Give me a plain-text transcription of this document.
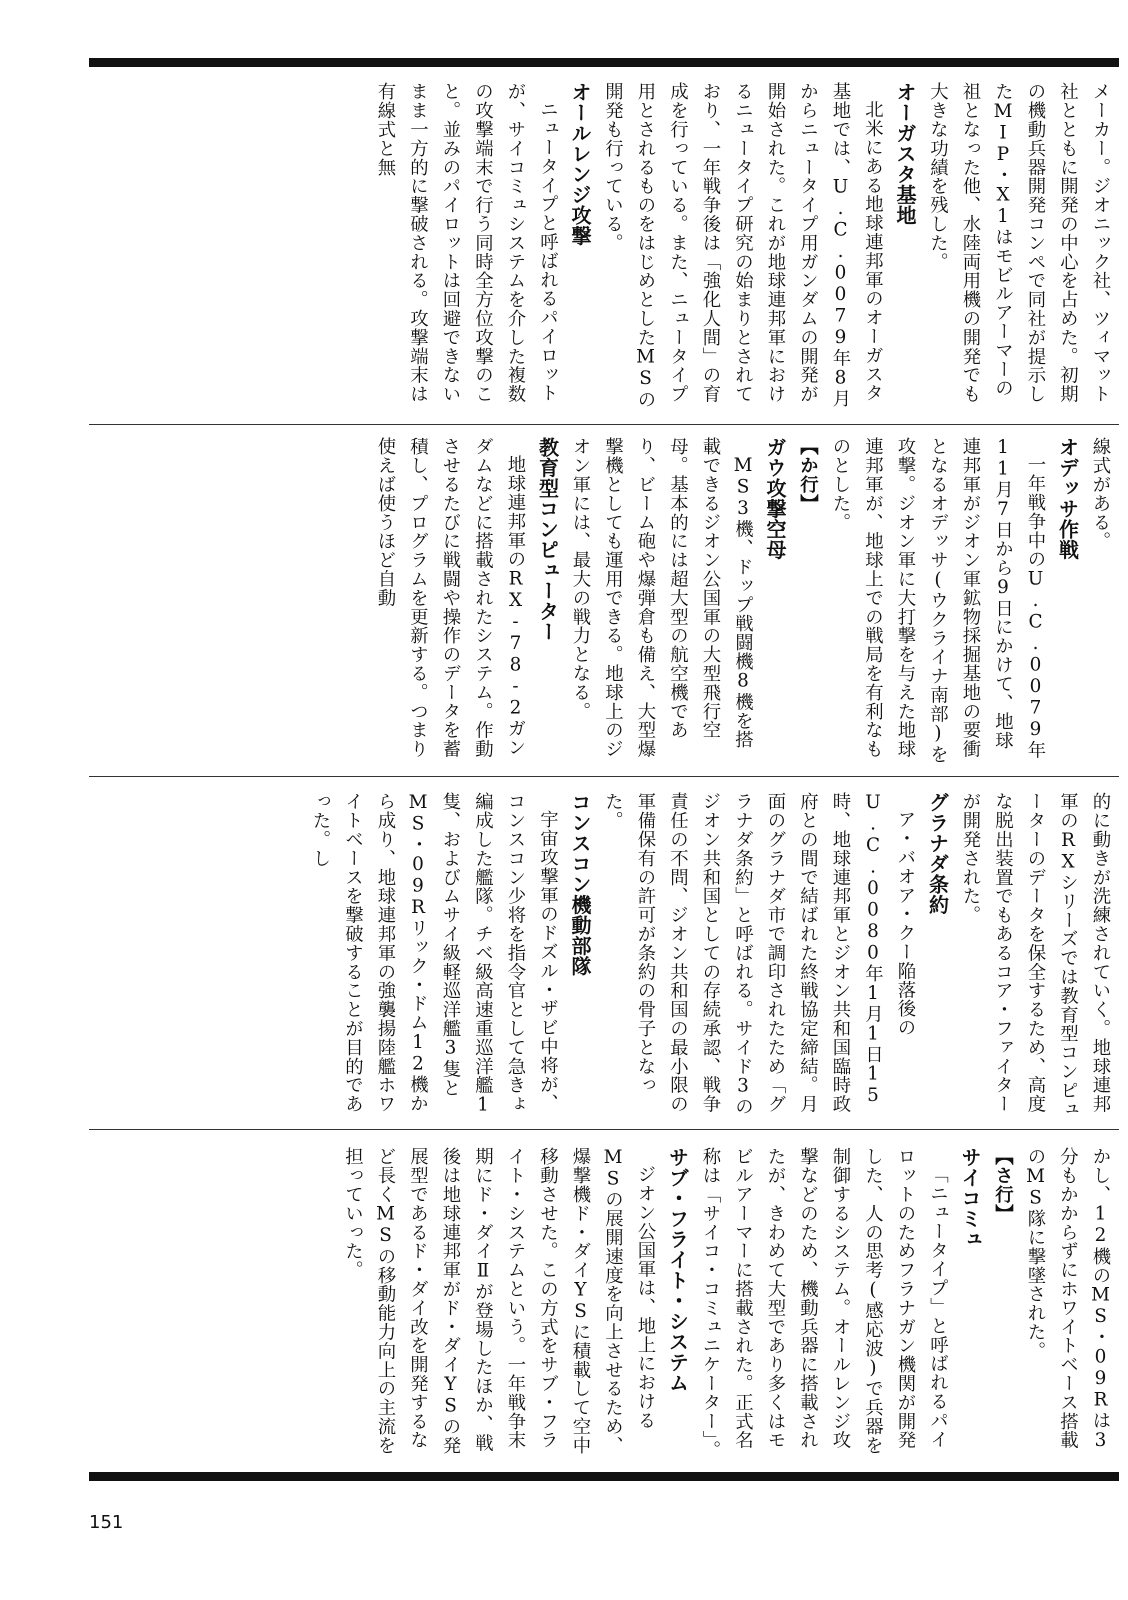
メーカー。ジオニック社、ツィマット社とともに開発の中心を占めた。初期の機動兵器開発コンペで同社が提示したMIP・X1はモビルアーマーの祖となった他、水陸両用機の開発でも大きな功績を残した。

オーガスタ基地

北米にある地球連邦軍のオーガスタ基地では、U.C.0079年8月からニュータイプ用ガンダムの開発が開始された。これが地球連邦軍におけるニュータイプ研究の始まりとされており、一年戦争後は「強化人間」の育成を行っている。また、ニュータイプ用とされるものをはじめとしたMSの開発も行っている。

オールレンジ攻撃

ニュータイプと呼ばれるパイロットが、サイコミュシステムを介した複数の攻撃端末で行う同時全方位攻撃のこと。並みのパイロットは回避できないまま一方的に撃破される。攻撃端末は有線式と無

線式がある。

オデッサ作戦

一年戦争中のU.C.0079年11月7日から9日にかけて、地球連邦軍がジオン軍鉱物採掘基地の要衝となるオデッサ(ウクライナ南部)を攻撃。ジオン軍に大打撃を与えた地球連邦軍が、地球上での戦局を有利なものとした。

【か行】
ガウ攻撃空母

MS3機、ドップ戦闘機8機を搭載できるジオン公国軍の大型飛行空母。基本的には超大型の航空機であり、ビーム砲や爆弾倉も備え、大型爆撃機としても運用できる。地球上のジオン軍には、最大の戦力となる。

教育型コンピューター

地球連邦軍のRX-78-2ガンダムなどに搭載されたシステム。作動させるたびに戦闘や操作のデータを蓄積し、プログラムを更新する。つまり使えば使うほど自動

的に動きが洗練されていく。地球連邦軍のRXシリーズでは教育型コンピューターのデータを保全するため、高度な脱出装置でもあるコア・ファイターが開発された。

グラナダ条約

ア・バオア・クー陥落後のU.C.0080年1月1日15時、地球連邦軍とジオン共和国臨時政府との間で結ばれた終戦協定締結。月面のグラナダ市で調印されたため「グラナダ条約」と呼ばれる。サイド3のジオン共和国としての存続承認、戦争責任の不問、ジオン共和国の最小限の軍備保有の許可が条約の骨子となった。

コンスコン機動部隊

宇宙攻撃軍のドズル・ザビ中将が、コンスコン少将を指令官として急きょ編成した艦隊。チベ級高速重巡洋艦1隻、およびムサイ級軽巡洋艦3隻とMS・09Rリック・ドム12機から成り、地球連邦軍の強襲揚陸艦ホワイトベースを撃破することが目的であった。し

かし、12機のMS・09Rは3分もかからずにホワイトベース搭載のMS隊に撃墜された。

【さ行】
サイコミュ

「ニュータイプ」と呼ばれるパイロットのためフラナガン機関が開発した、人の思考(感応波)で兵器を制御するシステム。オールレンジ攻撃などのため、機動兵器に搭載されたが、きわめて大型であり多くはモビルアーマーに搭載された。正式名称は「サイコ・コミュニケーター」。

サブ・フライト・システム

ジオン公国軍は、地上におけるMSの展開速度を向上させるため、爆撃機ド・ダイYSに積載して空中移動させた。この方式をサブ・フライト・システムという。一年戦争末期にド・ダイⅡが登場したほか、戦後は地球連邦軍がド・ダイYSの発展型であるド・ダイ改を開発するなど長くMSの移動能力向上の主流を担っていった。

151
